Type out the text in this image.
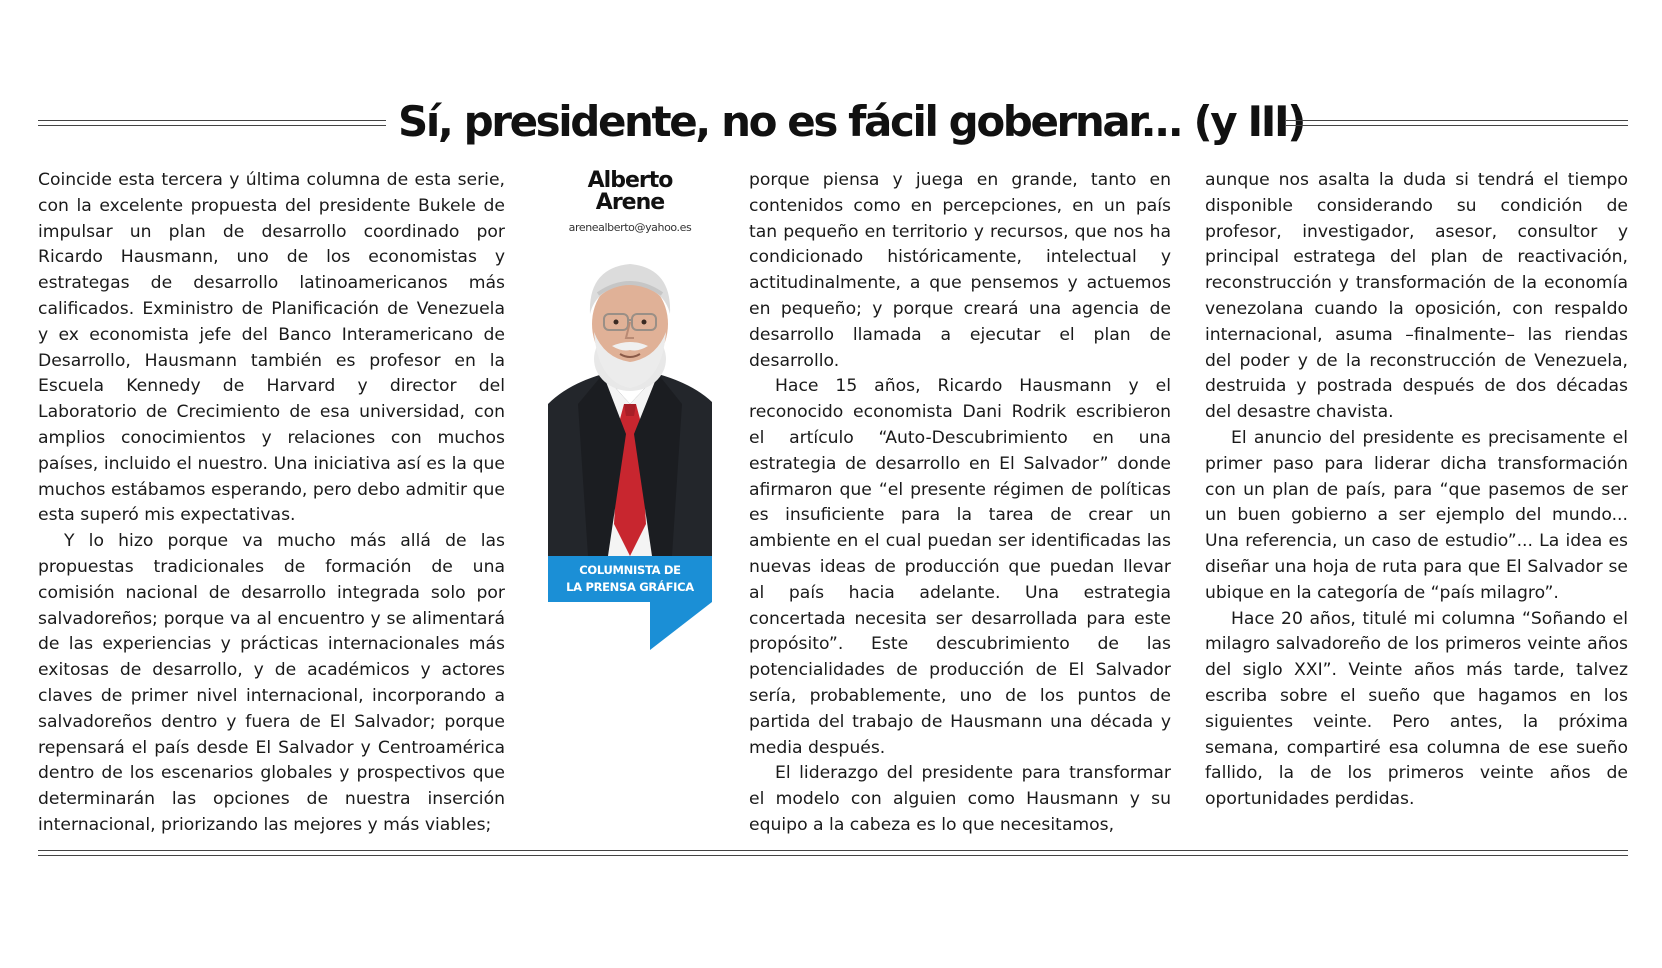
Sí, presidente, no es fácil gobernar... (y III)

Coincide esta tercera y última columna de esta serie, con la excelente propuesta del presidente Bukele de impulsar un plan de desarrollo coordinado por Ricardo Hausmann, uno de los economistas y estrategas de desarrollo latinoamericanos más calificados. Exministro de Planificación de Venezuela y ex economista jefe del Banco Interamericano de Desarrollo, Hausmann también es profesor en la Escuela Kennedy de Harvard y director del Laboratorio de Crecimiento de esa universidad, con amplios conocimientos y relaciones con muchos países, incluido el nuestro. Una iniciativa así es la que muchos estábamos esperando, pero debo admitir que esta superó mis expectativas.

Y lo hizo porque va mucho más allá de las propuestas tradicionales de formación de una comisión nacional de desarrollo integrada solo por salvadoreños; porque va al encuentro y se alimentará de las experiencias y prácticas internacionales más exitosas de desarrollo, y de académicos y actores claves de primer nivel internacional, incorporando a salvadoreños dentro y fuera de El Salvador; porque repensará el país desde El Salvador y Centroamérica dentro de los escenarios globales y prospectivos que determinarán las opciones de nuestra inserción internacional, priorizando las mejores y más viables;

Alberto
Arene
arenealberto@yahoo.es
COLUMNISTA DE
LA PRENSA GRÁFICA

porque piensa y juega en grande, tanto en contenidos como en percepciones, en un país tan pequeño en territorio y recursos, que nos ha condicionado históricamente, intelectual y actitudinalmente, a que pensemos y actuemos en pequeño; y porque creará una agencia de desarrollo llamada a ejecutar el plan de desarrollo.

Hace 15 años, Ricardo Hausmann y el reconocido economista Dani Rodrik escribieron el artículo “Auto-Descubrimiento en una estrategia de desarrollo en El Salvador” donde afirmaron que “el presente régimen de políticas es insuficiente para la tarea de crear un ambiente en el cual puedan ser identificadas las nuevas ideas de producción que puedan llevar al país hacia adelante. Una estrategia concertada necesita ser desarrollada para este propósito”. Este descubrimiento de las potencialidades de producción de El Salvador sería, probablemente, uno de los puntos de partida del trabajo de Hausmann una década y media después.

El liderazgo del presidente para transformar el modelo con alguien como Hausmann y su equipo a la cabeza es lo que necesitamos,

aunque nos asalta la duda si tendrá el tiempo disponible considerando su condición de profesor, investigador, asesor, consultor y principal estratega del plan de reactivación, reconstrucción y transformación de la economía venezolana cuando la oposición, con respaldo internacional, asuma –finalmente– las riendas del poder y de la reconstrucción de Venezuela, destruida y postrada después de dos décadas del desastre chavista.

El anuncio del presidente es precisamente el primer paso para liderar dicha transformación con un plan de país, para “que pasemos de ser un buen gobierno a ser ejemplo del mundo... Una referencia, un caso de estudio”... La idea es diseñar una hoja de ruta para que El Salvador se ubique en la categoría de “país milagro”.

Hace 20 años, titulé mi columna “Soñando el milagro salvadoreño de los primeros veinte años del siglo XXI”. Veinte años más tarde, talvez escriba sobre el sueño que hagamos en los siguientes veinte. Pero antes, la próxima semana, compartiré esa columna de ese sueño fallido, la de los primeros veinte años de oportunidades perdidas.
